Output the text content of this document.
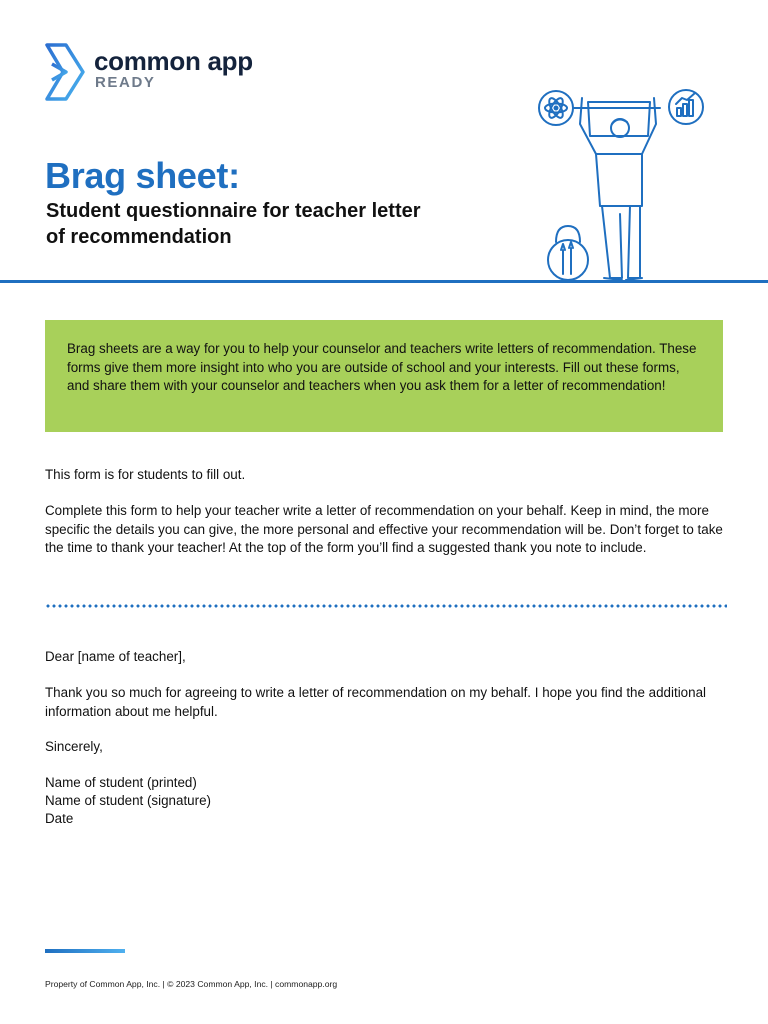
common app
READY
Brag sheet:
Student questionnaire for teacher letter of recommendation

Brag sheets are a way for you to help your counselor and teachers write letters of recommendation. These forms give them more insight into who you are outside of school and your interests. Fill out these forms, and share them with your counselor and teachers when you ask them for a letter of recommendation!

This form is for students to fill out.

Complete this form to help your teacher write a letter of recommendation on your behalf. Keep in mind, the more specific the details you can give, the more personal and effective your recommendation will be. Don’t forget to take the time to thank your teacher! At the top of the form you’ll find a suggested thank you note to include.

Dear [name of teacher],

Thank you so much for agreeing to write a letter of recommendation on my behalf. I hope you find the additional information about me helpful.

Sincerely,

Name of student (printed)

Name of student (signature)

Date

Property of Common App, Inc. | © 2023 Common App, Inc. | commonapp.org
